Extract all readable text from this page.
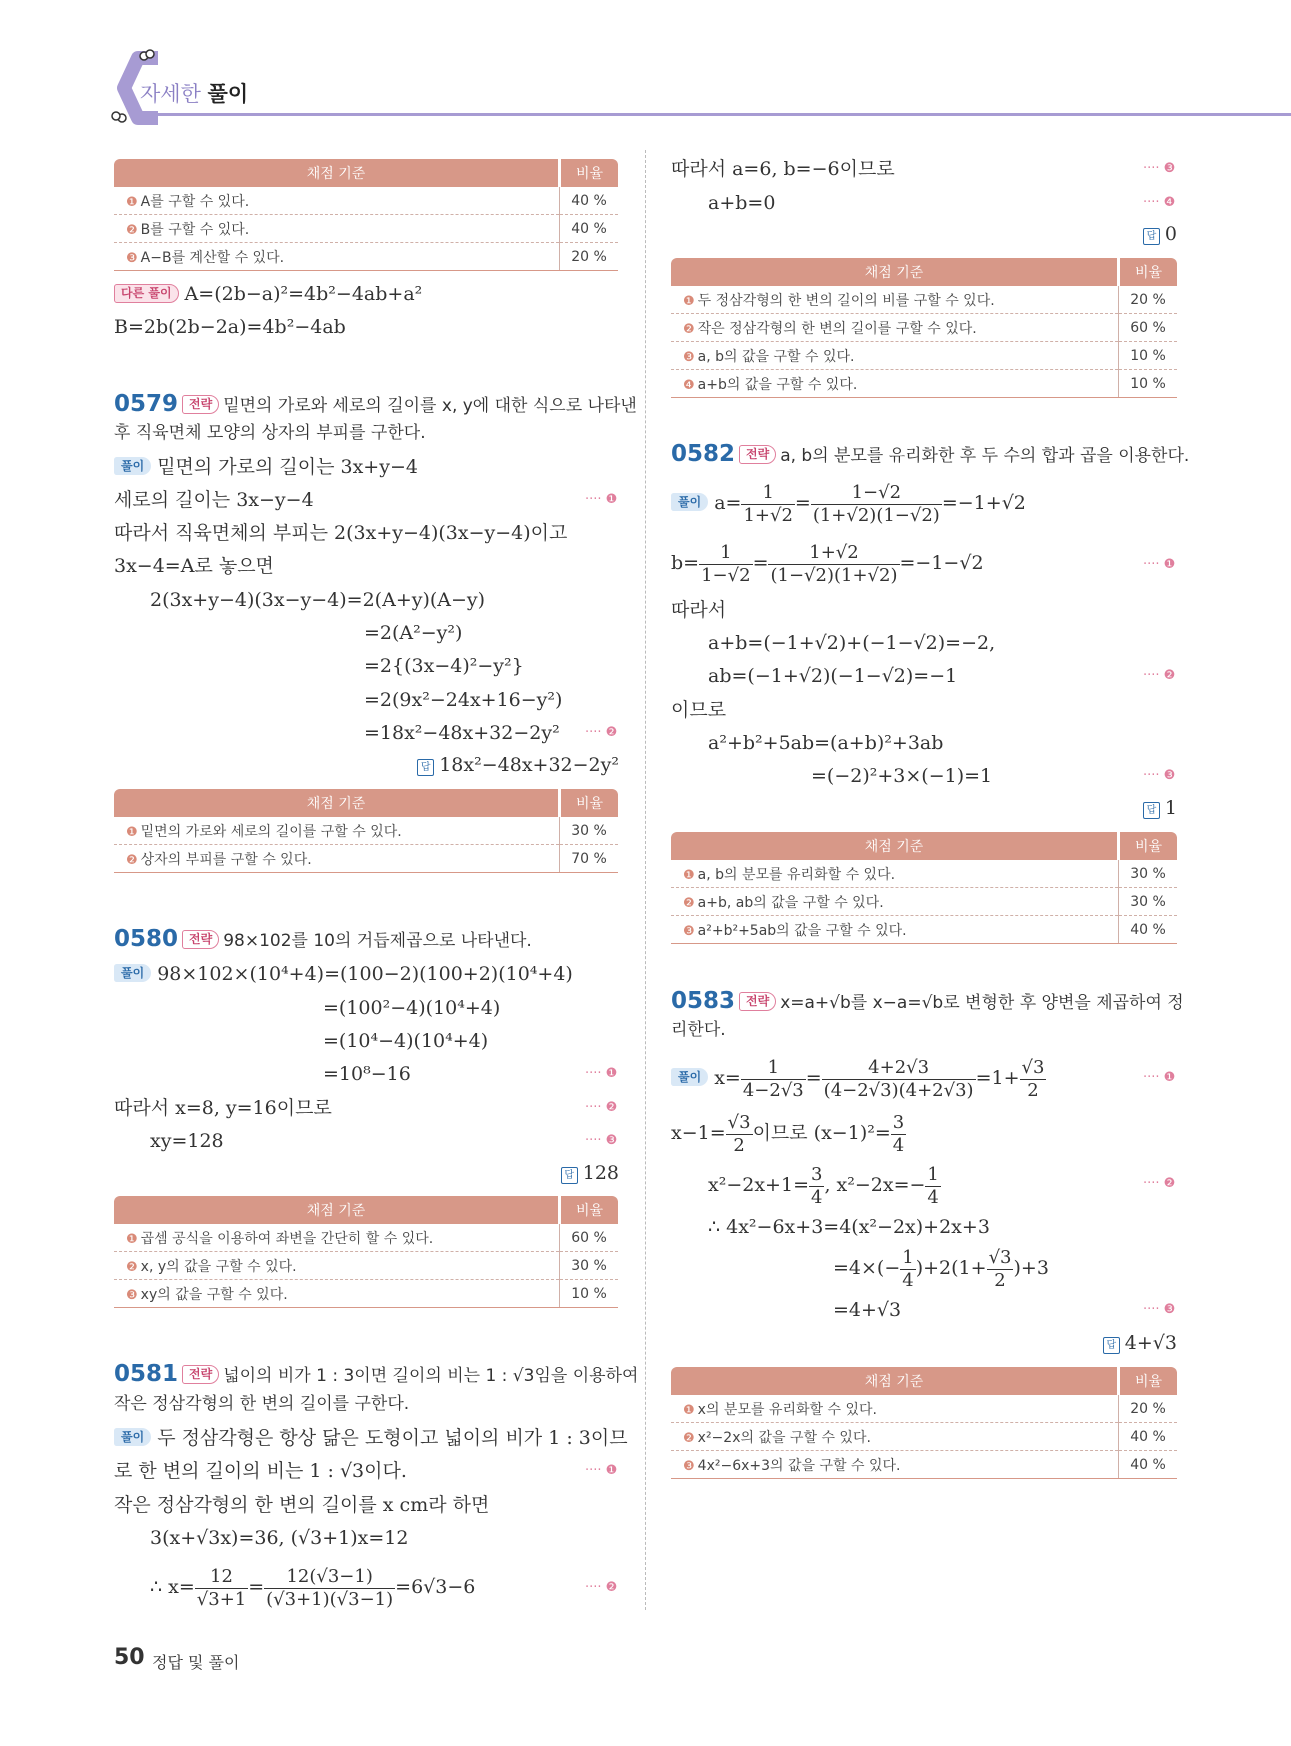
자세한 풀이
채점 기준	비율
❶ A를 구할 수 있다.	40 %
❷ B를 구할 수 있다.	40 %
❸ A−B를 계산할 수 있다.	20 %
다른 풀이 A=(2b−a)²=4b²−4ab+a²
B=2b(2b−2a)=4b²−4ab
0579 전략 밑면의 가로와 세로의 길이를 x, y에 대한 식으로 나타낸
후 직육면체 모양의 상자의 부피를 구한다.
풀이 밑면의 가로의 길이는 3x+y−4
세로의 길이는 3x−y−4	···· ❶
따라서 직육면체의 부피는 2(3x+y−4)(3x−y−4)이고
3x−4=A로 놓으면
2(3x+y−4)(3x−y−4)=2(A+y)(A−y)
=2(A²−y²)
=2{(3x−4)²−y²}
=2(9x²−24x+16−y²)
=18x²−48x+32−2y² ···· ❷
답 18x²−48x+32−2y²
채점 기준	비율
❶ 밑면의 가로와 세로의 길이를 구할 수 있다.	30 %
❷ 상자의 부피를 구할 수 있다.	70 %
0580 전략 98×102를 10의 거듭제곱으로 나타낸다.
풀이 98×102×(10⁴+4)=(100−2)(100+2)(10⁴+4)
=(100²−4)(10⁴+4)
=(10⁴−4)(10⁴+4)
=10⁸−16	···· ❶
따라서 x=8, y=16이므로	···· ❷
xy=128	···· ❸
답 128
채점 기준	비율
❶ 곱셈 공식을 이용하여 좌변을 간단히 할 수 있다.	60 %
❷ x, y의 값을 구할 수 있다.	30 %
❸ xy의 값을 구할 수 있다.	10 %
0581 전략 넓이의 비가 1 : 3이면 길이의 비는 1 : √3임을 이용하여
작은 정삼각형의 한 변의 길이를 구한다.
풀이 두 정삼각형은 항상 닮은 도형이고 넓이의 비가 1 : 3이므
로 한 변의 길이의 비는 1 : √3이다.	···· ❶
작은 정삼각형의 한 변의 길이를 x cm라 하면
3(x+√3x)=36, (√3+1)x=12
∴ $x= \frac{12}{√3+1} = \frac{12(√3-1)}{(√3+1)(√3-1)} =6√3-6$	···· ❷
따라서 a=6, b=−6이므로	···· ❸
a+b=0	···· ❹
답 0
채점 기준	비율
❶ 두 정삼각형의 한 변의 길이의 비를 구할 수 있다.	20 %
❷ 작은 정삼각형의 한 변의 길이를 구할 수 있다.	60 %
❸ a, b의 값을 구할 수 있다.	10 %
❹ a+b의 값을 구할 수 있다.	10 %
0582 전략 a, b의 분모를 유리화한 후 두 수의 합과 곱을 이용한다.
풀이 $a= \frac{1}{1+√2} = \frac{1-√2}{(1+√2)(1-√2)} =-1+√2$
$b= \frac{1}{1-√2} = \frac{1+√2}{(1-√2)(1+√2)} =-1-√2$	···· ❶
따라서
a+b=(−1+√2)+(−1−√2)=−2,
ab=(−1+√2)(−1−√2)=−1	···· ❷
이므로
a²+b²+5ab=(a+b)²+3ab
=(−2)²+3×(−1)=1	···· ❸
답 1
채점 기준	비율
❶ a, b의 분모를 유리화할 수 있다.	30 %
❷ a+b, ab의 값을 구할 수 있다.	30 %
❸ a²+b²+5ab의 값을 구할 수 있다.	40 %
0583 전략 x=a+√b를 x−a=√b로 변형한 후 양변을 제곱하여 정
리한다.
풀이 $x= \frac{1}{4-2√3} = \frac{4+2√3}{(4-2√3)(4+2√3)} =1+ \frac{√3}{2}$	···· ❶
$x-1= \frac{√3}{2}$ 이므로 $(x-1)^2= \frac{3}{4}$
$x^2-2x+1= \frac{3}{4}$ , $x^2-2x=- \frac{1}{4}$	···· ❷
∴ 4x²−6x+3=4(x²−2x)+2x+3
$=4\times(- \frac{1}{4} )+2(1+ \frac{√3}{2} )+3$
=4+√3	···· ❸
답 4+√3
채점 기준	비율
❶ x의 분모를 유리화할 수 있다.	20 %
❷ x²−2x의 값을 구할 수 있다.	40 %
❸ 4x²−6x+3의 값을 구할 수 있다.	40 %
50 정답 및 풀이
